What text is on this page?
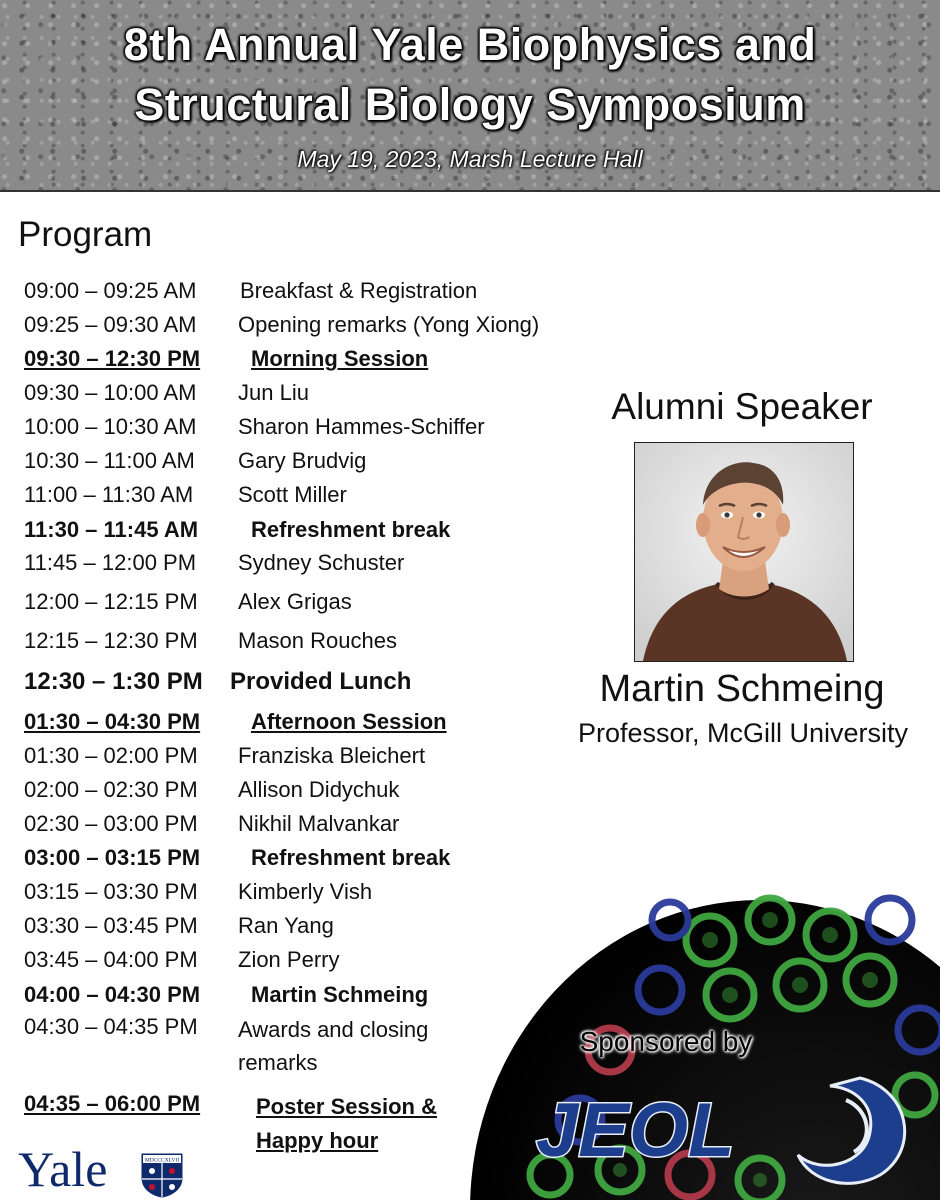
8th Annual Yale Biophysics and
Structural Biology Symposium
May 19, 2023, Marsh Lecture Hall
Program
09:00 – 09:25 AM Breakfast & Registration
09:25 – 09:30 AM Opening remarks (Yong Xiong)
09:30 – 12:30 PM Morning Session
09:30 – 10:00 AM Jun Liu
10:00 – 10:30 AM Sharon Hammes-Schiffer
10:30 – 11:00 AM Gary Brudvig
11:00 – 11:30 AM Scott Miller
11:30 – 11:45 AM Refreshment break
11:45 – 12:00 PM Sydney Schuster
12:00 – 12:15 PM Alex Grigas
12:15 – 12:30 PM Mason Rouches
12:30 – 1:30 PM Provided Lunch
01:30 – 04:30 PM Afternoon Session
01:30 – 02:00 PM Franziska Bleichert
02:00 – 02:30 PM Allison Didychuk
02:30 – 03:00 PM Nikhil Malvankar
03:00 – 03:15 PM Refreshment break
03:15 – 03:30 PM Kimberly Vish
03:30 – 03:45 PM Ran Yang
03:45 – 04:00 PM Zion Perry
04:00 – 04:30 PM Martin Schmeing
04:30 – 04:35 PM Awards and closing remarks
04:35 – 06:00 PM	Poster Session & Happy hour
Alumni Speaker
Martin Schmeing
Professor, McGill University
Sponsored by
JEOL
Yale	MDCCCXLVII
